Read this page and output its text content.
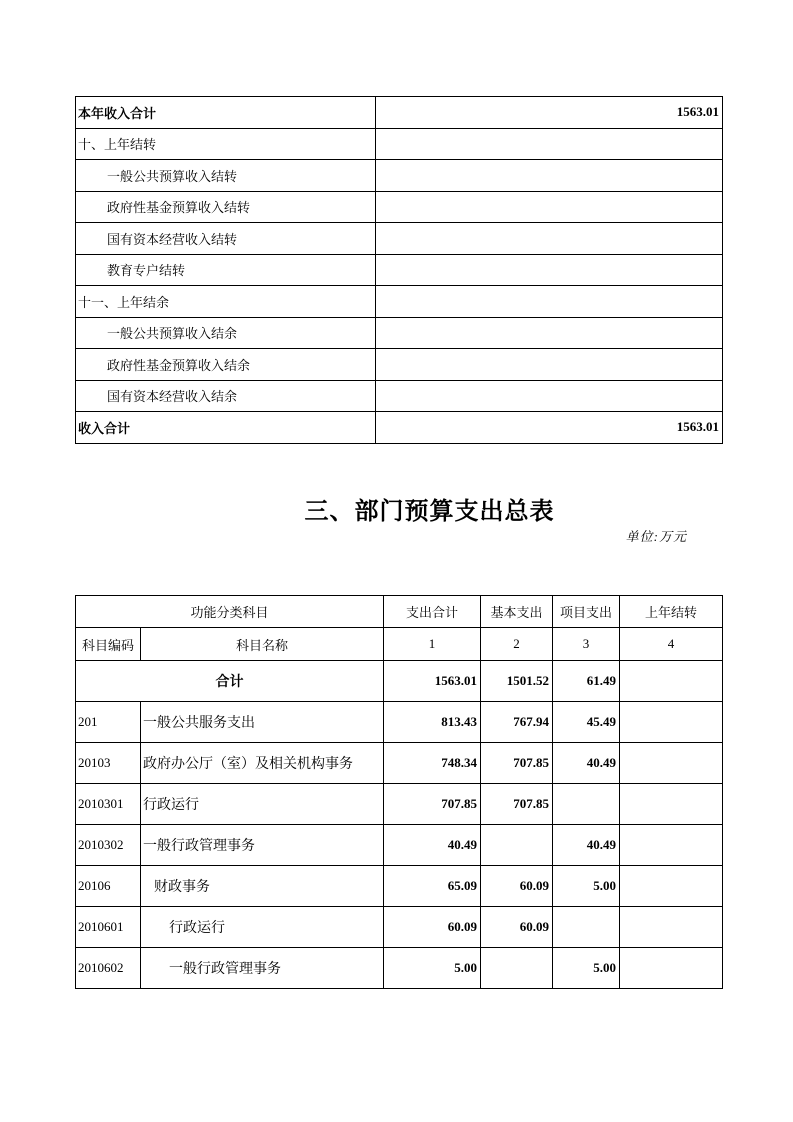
本年收入合计	1563.01
十、上年结转	
一般公共预算收入结转	
政府性基金预算收入结转	
国有资本经营收入结转	
教育专户结转	
十一、上年结余	
一般公共预算收入结余	
政府性基金预算收入结余	
国有资本经营收入结余	
收入合计	1563.01
三、部门预算支出总表
单位:万元
功能分类科目		支出合计	基本支出	项目支出	上年结转
科目编码	科目名称	1	2	3	4
合计		1563.01	1501.52	61.49	
201	一般公共服务支出	813.43	767.94	45.49	
20103	政府办公厅（室）及相关机构事务	748.34	707.85	40.49	
2010301	行政运行	707.85	707.85		
2010302	一般行政管理事务	40.49		40.49	
20106	财政事务	65.09	60.09	5.00	
2010601	行政运行	60.09	60.09		
2010602	一般行政管理事务	5.00		5.00	
